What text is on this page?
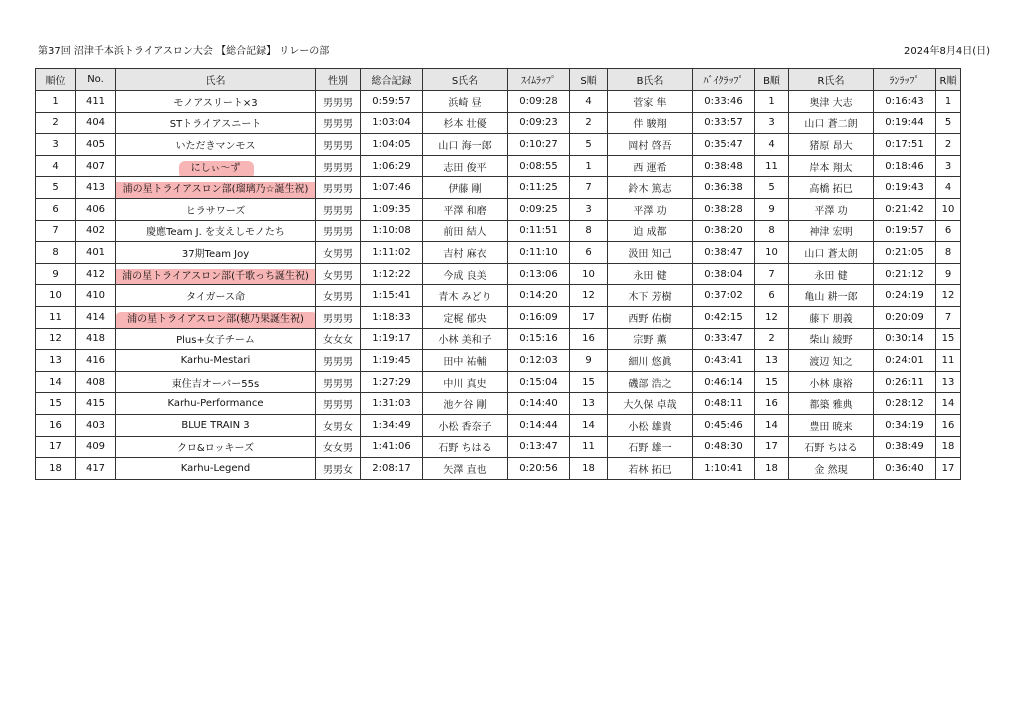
第37回 沼津千本浜トライアスロン大会 【総合記録】 リレーの部	2024年8月4日(日)
順位	No.	氏名	性別	総合記録	S氏名	ｽｲﾑﾗｯﾌﾟ	S順	B氏名	ﾊﾞｲｸﾗｯﾌﾟ	B順	R氏名	ﾗﾝﾗｯﾌﾟ	R順
1	411	モノアスリート×3	男男男	0:59:57	浜崎 昼	0:09:28	4	菅家 隼	0:33:46	1	奥津 大志	0:16:43	1
2	404	STトライアスニート	男男男	1:03:04	杉本 壮優	0:09:23	2	伴 駿翔	0:33:57	3	山口 蒼二朗	0:19:44	5
3	405	いただきマンモス	男男男	1:04:05	山口 海一郎	0:10:27	5	岡村 啓吾	0:35:47	4	猪原 昂大	0:17:51	2
4	407	にしぃ～ず	男男男	1:06:29	志田 俊平	0:08:55	1	西 運希	0:38:48	11	岸本 翔太	0:18:46	3
5	413	浦の星トライアスロン部(瑠璃乃☆誕生祝)	男男男	1:07:46	伊藤 剛	0:11:25	7	鈴木 篤志	0:36:38	5	高橋 拓巳	0:19:43	4
6	406	ヒラサワーズ	男男男	1:09:35	平澤 和磨	0:09:25	3	平澤 功	0:38:28	9	平澤 功	0:21:42	10
7	402	慶應Team J. を支えしモノたち	男男男	1:10:08	前田 結人	0:11:51	8	迫 成都	0:38:20	8	神津 宏明	0:19:57	6
8	401	37期Team Joy	女男男	1:11:02	吉村 麻衣	0:11:10	6	汲田 知己	0:38:47	10	山口 蒼太朗	0:21:05	8
9	412	浦の星トライアスロン部(千歌っち誕生祝)	女男男	1:12:22	今成 良美	0:13:06	10	永田 健	0:38:04	7	永田 健	0:21:12	9
10	410	タイガース命	女男男	1:15:41	青木 みどり	0:14:20	12	木下 芳樹	0:37:02	6	亀山 耕一郎	0:24:19	12
11	414	浦の星トライアスロン部(穂乃果誕生祝)	男男男	1:18:33	定梶 郁央	0:16:09	17	西野 佑樹	0:42:15	12	藤下 朋義	0:20:09	7
12	418	Plus+女子チーム	女女女	1:19:17	小林 美和子	0:15:16	16	宗野 薫	0:33:47	2	柴山 綾野	0:30:14	15
13	416	Karhu-Mestari	男男男	1:19:45	田中 祐輔	0:12:03	9	細川 悠眞	0:43:41	13	渡辺 知之	0:24:01	11
14	408	東住吉オーバー55s	男男男	1:27:29	中川 真史	0:15:04	15	磯部 浩之	0:46:14	15	小林 康裕	0:26:11	13
15	415	Karhu-Performance	男男男	1:31:03	池ケ谷 剛	0:14:40	13	大久保 卓哉	0:48:11	16	都築 雅典	0:28:12	14
16	403	BLUE TRAIN 3	女男女	1:34:49	小松 香奈子	0:14:44	14	小松 雄貴	0:45:46	14	豊田 暁来	0:34:19	16
17	409	クロ&ロッキーズ	女女男	1:41:06	石野 ちはる	0:13:47	11	石野 雄一	0:48:30	17	石野 ちはる	0:38:49	18
18	417	Karhu-Legend	男男女	2:08:17	矢澤 直也	0:20:56	18	若林 拓巳	1:10:41	18	金 然現	0:36:40	17
